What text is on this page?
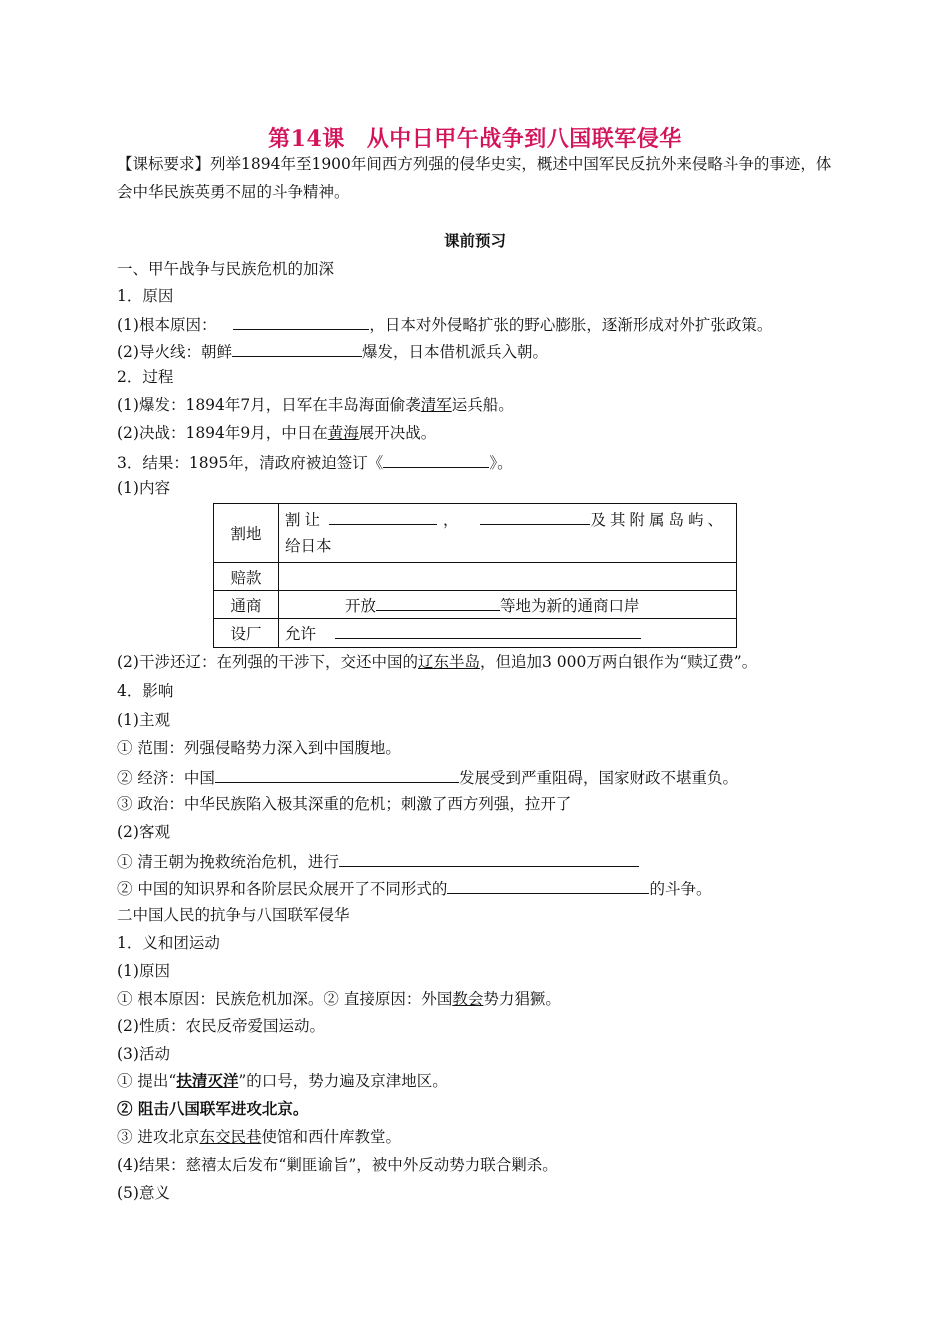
第14课 从中日甲午战争到八国联军侵华
【课标要求】列举1894年至1900年间西方列强的侵华史实，概述中国军民反抗外来侵略斗争的事迹，体会中华民族英勇不屈的斗争精神。
课前预习
一、甲午战争与民族危机的加深
1．原因
(1)根本原因：	，日本对外侵略扩张的野心膨胀，逐渐形成对外扩张政策。
(2)导火线：朝鲜	爆发，日本借机派兵入朝。
2．过程
(1)爆发：1894年7月，日军在丰岛海面偷袭清军运兵船。
(2)决战：1894年9月，中日在黄海展开决战。
3．结果：1895年，清政府被迫签订《	》。
(1)内容
割地	割让 ， 及其附属岛屿、
给日本

赔款	
通商	开放 等地为新的通商口岸
设厂	允许
(2)干涉还辽：在列强的干涉下，交还中国的辽东半岛，但追加3 000万两白银作为“赎辽费”。
4．影响
(1)主观
① 范围：列强侵略势力深入到中国腹地。
② 经济：中国	发展受到严重阻碍，国家财政不堪重负。
③ 政治：中华民族陷入极其深重的危机；刺激了西方列强，拉开了
(2)客观
① 清王朝为挽救统治危机，进行
② 中国的知识界和各阶层民众展开了不同形式的	的斗争。
二中国人民的抗争与八国联军侵华
1．义和团运动
(1)原因
① 根本原因：民族危机加深。② 直接原因：外国教会势力猖獗。
(2)性质：农民反帝爱国运动。
(3)活动
① 提出“扶清灭洋”的口号，势力遍及京津地区。
② 阻击八国联军进攻北京。
③ 进攻北京东交民巷使馆和西什库教堂。
(4)结果：慈禧太后发布“剿匪谕旨”，被中外反动势力联合剿杀。
(5)意义
